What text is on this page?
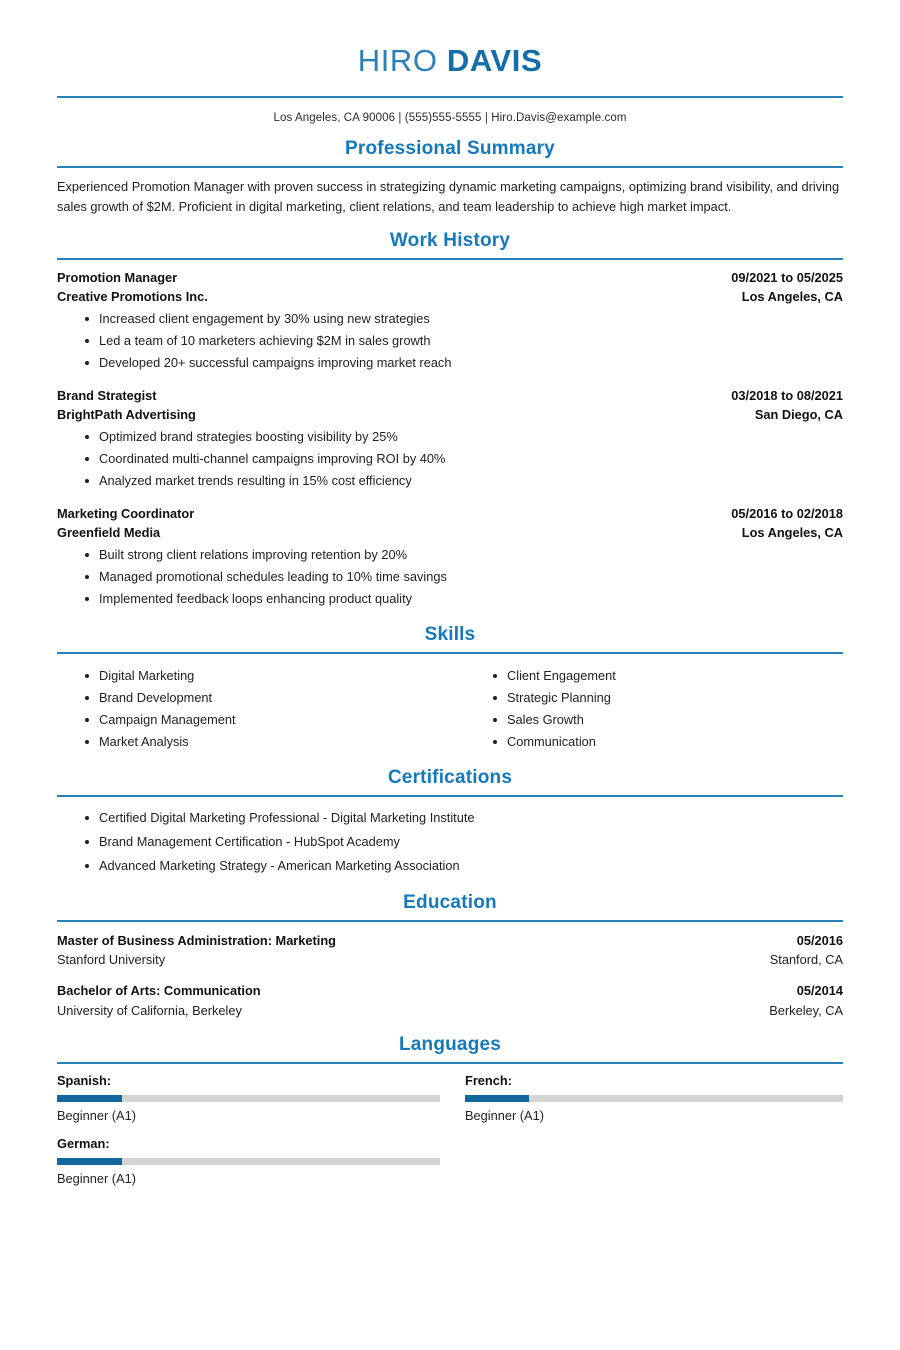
HIRO DAVIS
Los Angeles, CA 90006 | (555)555-5555 | Hiro.Davis@example.com
Professional Summary
Experienced Promotion Manager with proven success in strategizing dynamic marketing campaigns, optimizing brand visibility, and driving sales growth of $2M. Proficient in digital marketing, client relations, and team leadership to achieve high market impact.
Work History
Promotion Manager	09/2021 to 05/2025
Creative Promotions Inc.	Los Angeles, CA
Increased client engagement by 30% using new strategies
Led a team of 10 marketers achieving $2M in sales growth
Developed 20+ successful campaigns improving market reach
Brand Strategist	03/2018 to 08/2021
BrightPath Advertising	San Diego, CA
Optimized brand strategies boosting visibility by 25%
Coordinated multi-channel campaigns improving ROI by 40%
Analyzed market trends resulting in 15% cost efficiency
Marketing Coordinator	05/2016 to 02/2018
Greenfield Media	Los Angeles, CA
Built strong client relations improving retention by 20%
Managed promotional schedules leading to 10% time savings
Implemented feedback loops enhancing product quality
Skills
Digital Marketing
Brand Development
Campaign Management
Market Analysis
Client Engagement
Strategic Planning
Sales Growth
Communication
Certifications
Certified Digital Marketing Professional - Digital Marketing Institute
Brand Management Certification - HubSpot Academy
Advanced Marketing Strategy - American Marketing Association
Education
Master of Business Administration: Marketing	05/2016
Stanford University	Stanford, CA
Bachelor of Arts: Communication	05/2014
University of California, Berkeley	Berkeley, CA
Languages
Spanish:
Beginner (A1)
French:
Beginner (A1)
German:
Beginner (A1)
